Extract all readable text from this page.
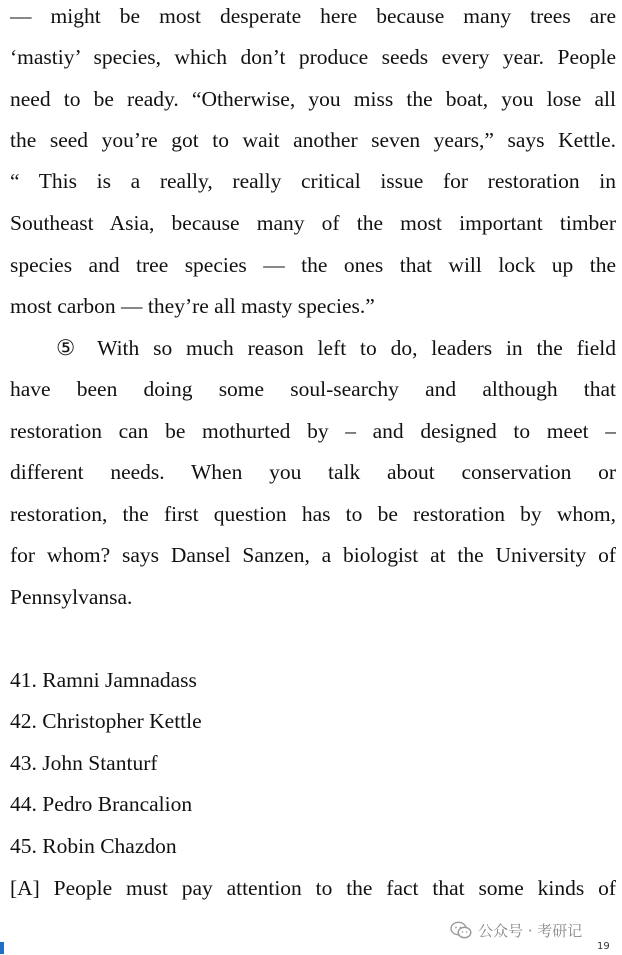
— might be most desperate here because many trees are
‘mastiy’ species, which don’t produce seeds every year. People
need to be ready. “Otherwise, you miss the boat, you lose all
the seed you’re got to wait another seven years,” says Kettle.
“ This is a really, really critical issue for restoration in
Southeast Asia, because many of the most important timber
species and tree species — the ones that will lock up the
most carbon — they’re all masty species.”
⑤ With so much reason left to do, leaders in the field
have been doing some soul-searchy and although that
restoration can be mothurted by – and designed to meet –
different needs. When you talk about conservation or
restoration, the first question has to be restoration by whom,
for whom? says Dansel Sanzen, a biologist at the University of
Pennsylvansa.
41. Ramni Jamnadass
42. Christopher Kettle
43. John Stanturf
44. Pedro Brancalion
45. Robin Chazdon
[A] People must pay attention to the fact that some kinds of
公众号 · 考研记
19
